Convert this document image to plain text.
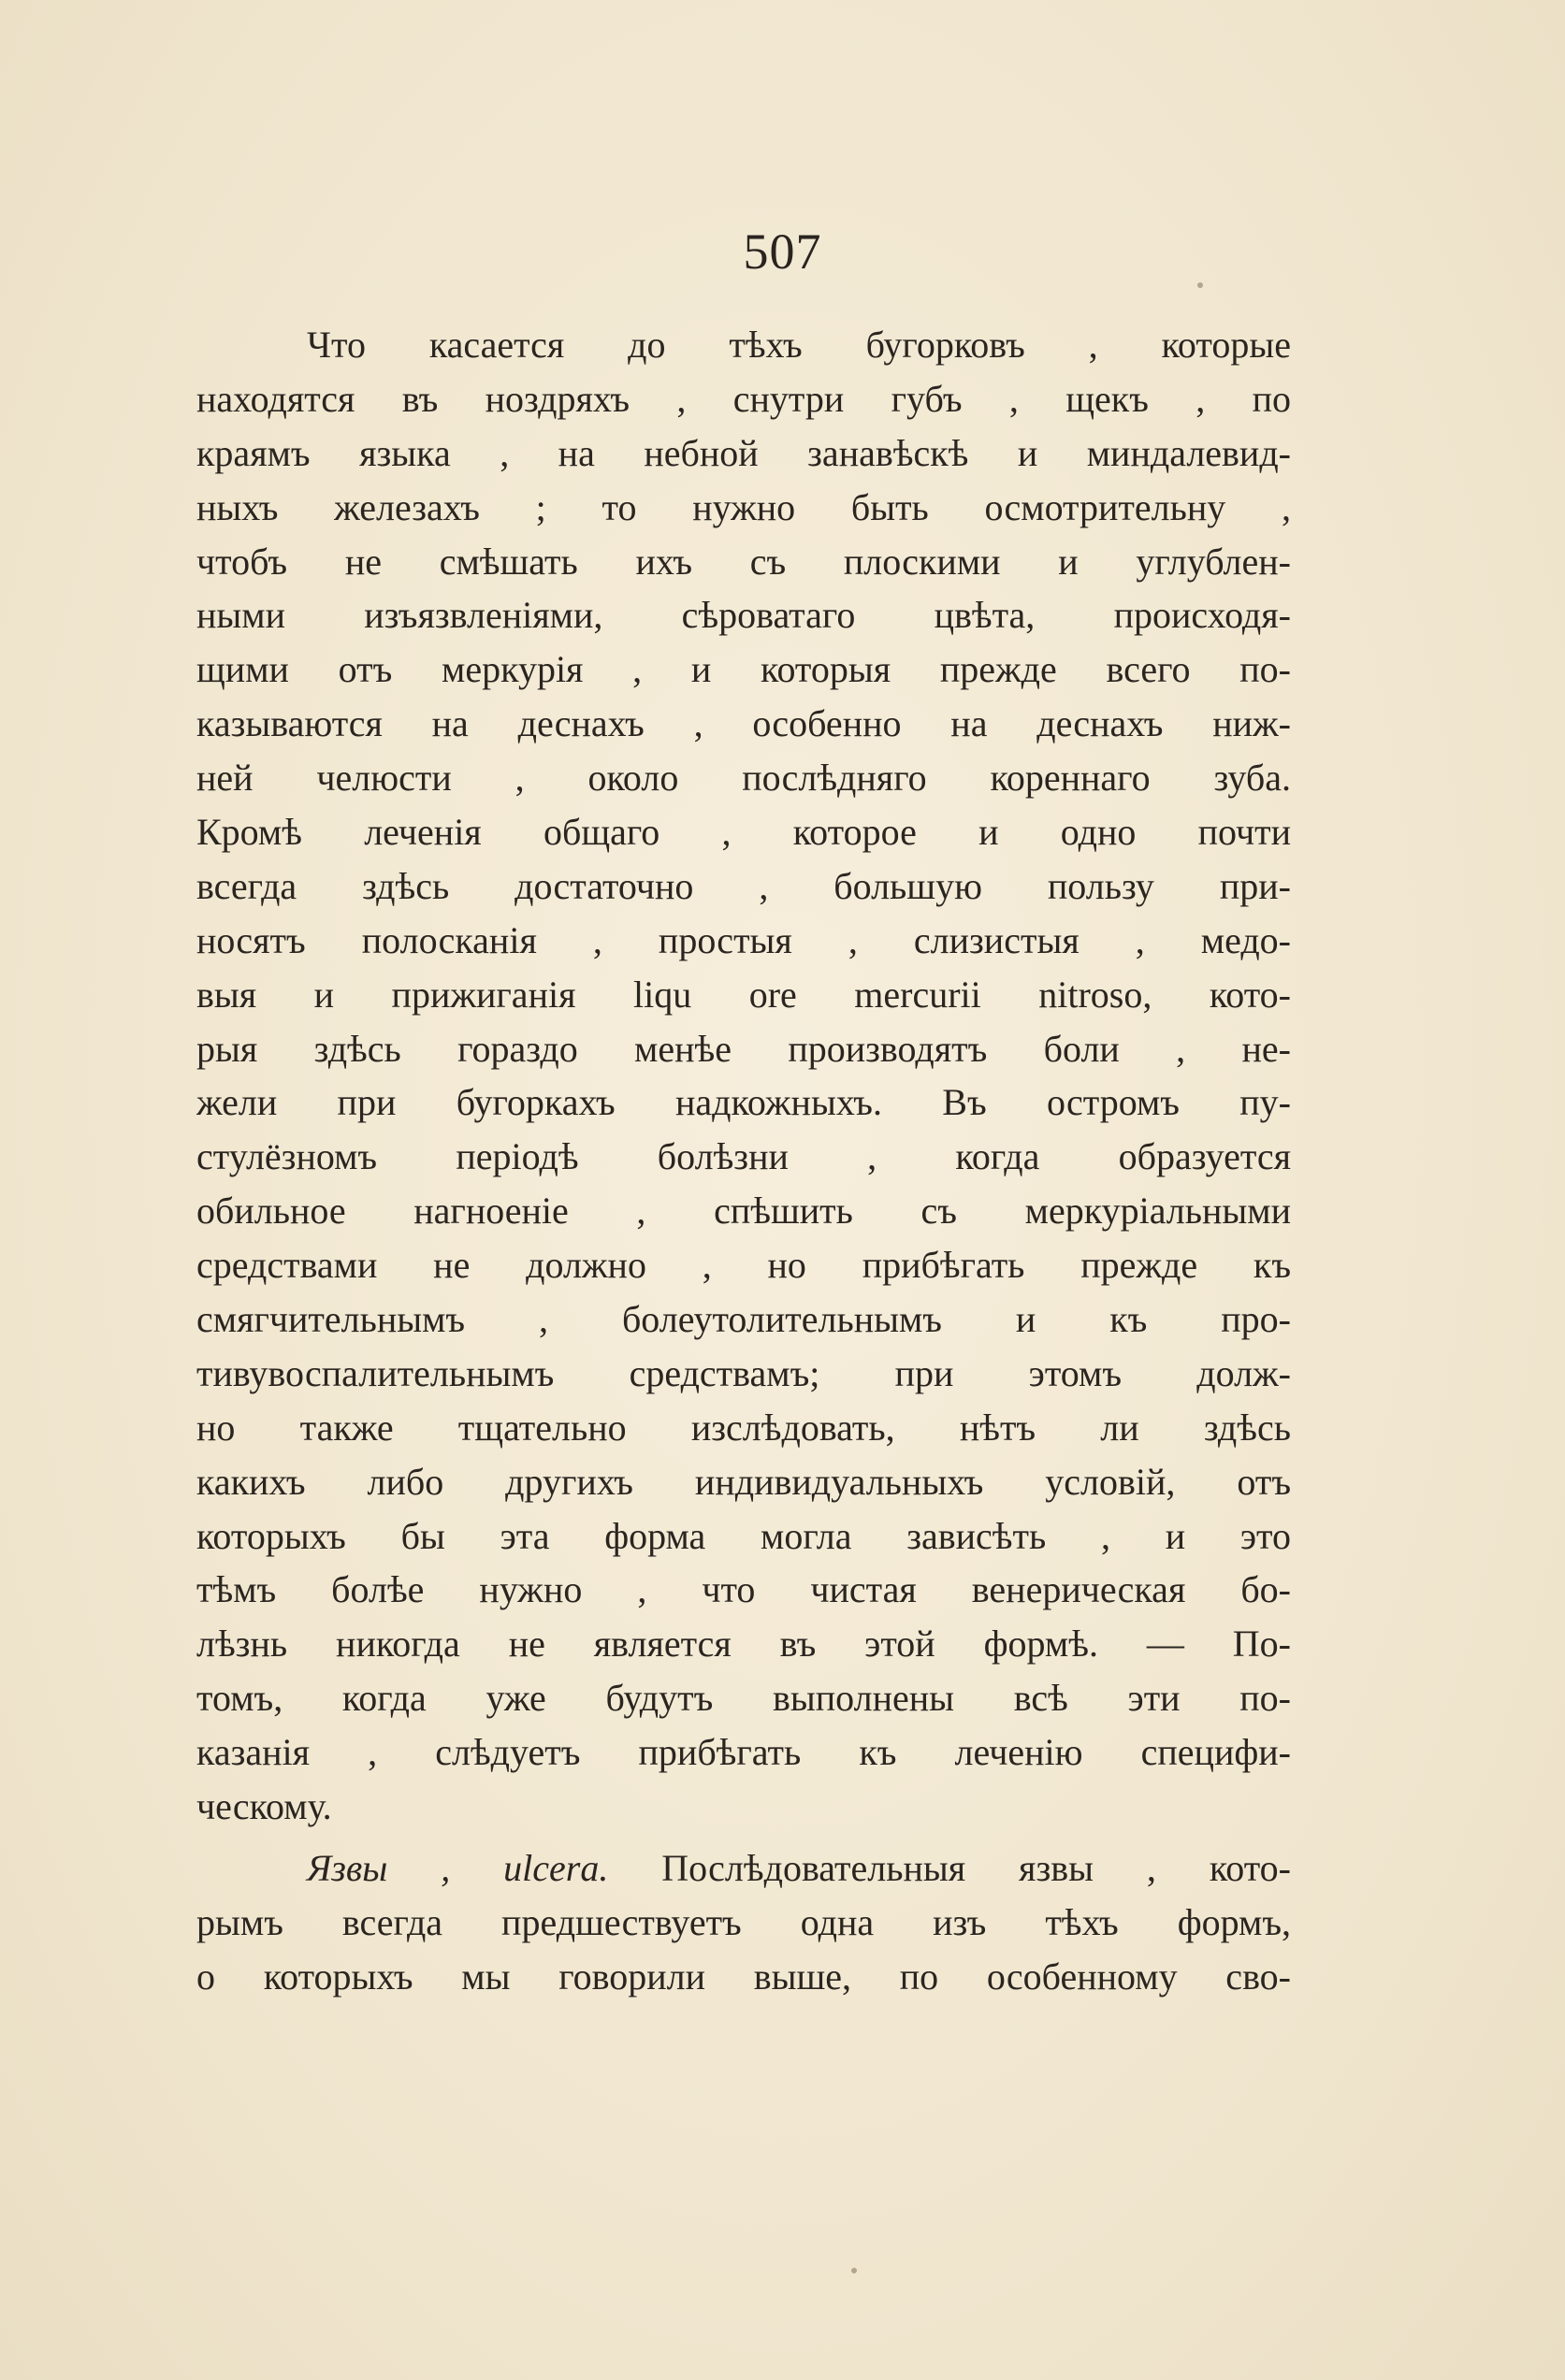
507
Что касается до тѣхъ бугорковъ , которые
находятся въ ноздряхъ , снутри губъ , щекъ , по
краямъ языка , на небной занавѣскѣ и миндалевид-
ныхъ железахъ ; то нужно быть осмотрительну ,
чтобъ не смѣшать ихъ съ плоскими и углублен-
ными изъязвленіями, сѣроватаго цвѣта, происходя-
щими отъ меркурія , и которыя прежде всего по-
казываются на деснахъ , особенно на деснахъ ниж-
ней челюсти , около послѣдняго кореннаго зуба.
Кромѣ леченія общаго , которое и одно почти
всегда здѣсь достаточно , большую пользу при-
носятъ полосканія , простыя , слизистыя , медо-
выя и прижиганія liqu ore mercurii nitroso, кото-
рыя здѣсь гораздо менѣе производятъ боли , не-
жели при бугоркахъ надкожныхъ. Въ остромъ пу-
стулёзномъ періодѣ болѣзни , когда образуется
обильное нагноеніе , спѣшить съ меркуріальными
средствами не должно , но прибѣгать прежде къ
смягчительнымъ , болеутолительнымъ и къ про-
тивувоспалительнымъ средствамъ; при этомъ долж-
но также тщательно изслѣдовать, нѣтъ ли здѣсь
какихъ либо другихъ индивидуальныхъ условій, отъ
которыхъ бы эта форма могла зависѣть , и это
тѣмъ болѣе нужно , что чистая венерическая бо-
лѣзнь никогда не является въ этой формѣ. — По-
томъ, когда уже будутъ выполнены всѣ эти по-
казанія , слѣдуетъ прибѣгать къ леченію специфи-
ческому.
Язвы , ulcera. Послѣдовательныя язвы , кото-
рымъ всегда предшествуетъ одна изъ тѣхъ формъ,
о которыхъ мы говорили выше, по особенному сво-
